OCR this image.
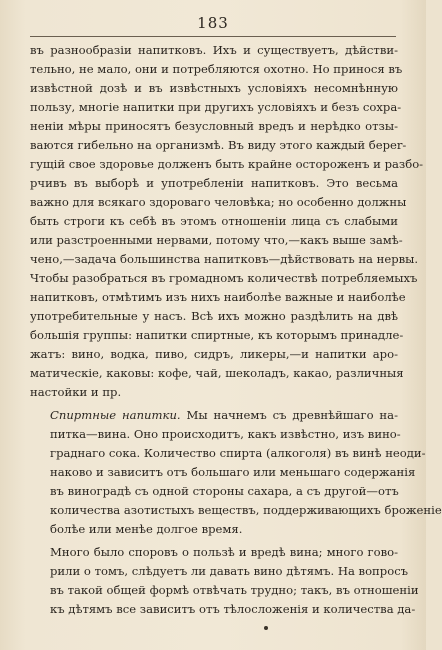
183
въ разнообразіи напитковъ. Ихъ и существуетъ, дѣйстви-
тельно, не мало, они и потребляются охотно. Но принося въ
извѣстной дозѣ и въ извѣстныхъ условіяхъ несомнѣнную
пользу, многіе напитки при другихъ условіяхъ и безъ сохра-
неніи мѣры приносятъ безусловный вредъ и нерѣдко отзы-
ваются гибельно на организмѣ. Въ виду этого каждый береr-
гущій свое здоровье долженъ быть крайне остороженъ и разбо-
рчивъ въ выборѣ и употребленіи напитковъ. Это весьма
важно для всякаго здороваго человѣка; но особенно должны
быть строги къ себѣ въ этомъ отношеніи лица съ слабыми
или разстроенными нервами, потому что,—какъ выше замѣ-
чено,—задача большинства напитковъ—дѣйствовать на нервы.
Чтобы разобраться въ громадномъ количествѣ потребляемыхъ
напитковъ, отмѣтимъ изъ нихъ наиболѣе важные и наиболѣе
употребительные у насъ. Всѣ ихъ можно раздѣлить на двѣ
большія группы: напитки спиртные, къ которымъ принадле-
жатъ: вино, водка, пиво, сидръ, ликеры,—и напитки аро-
матическіе, каковы: кофе, чай, шеколадъ, какао, различныя
настойки и пр.
Спиртные напитки. Мы начнемъ съ древнѣйшаго на-
питка—вина. Оно происходитъ, какъ извѣстно, изъ вино-
граднаго сока. Количество спирта (алкоголя) въ винѣ неоди-
наково и зависитъ отъ большаго или меньшаго содержанія
въ виноградѣ съ одной стороны сахара, а съ другой—отъ
количества азотистыхъ веществъ, поддерживающихъ броженіе
болѣе или менѣе долгое время.
Много было споровъ о пользѣ и вредѣ вина; много гово-
рили о томъ, слѣдуетъ ли давать вино дѣтямъ. На вопросъ
въ такой общей формѣ отвѣчать трудно; такъ, въ отношеніи
къ дѣтямъ все зависитъ отъ тѣлосложенія и количества да-
